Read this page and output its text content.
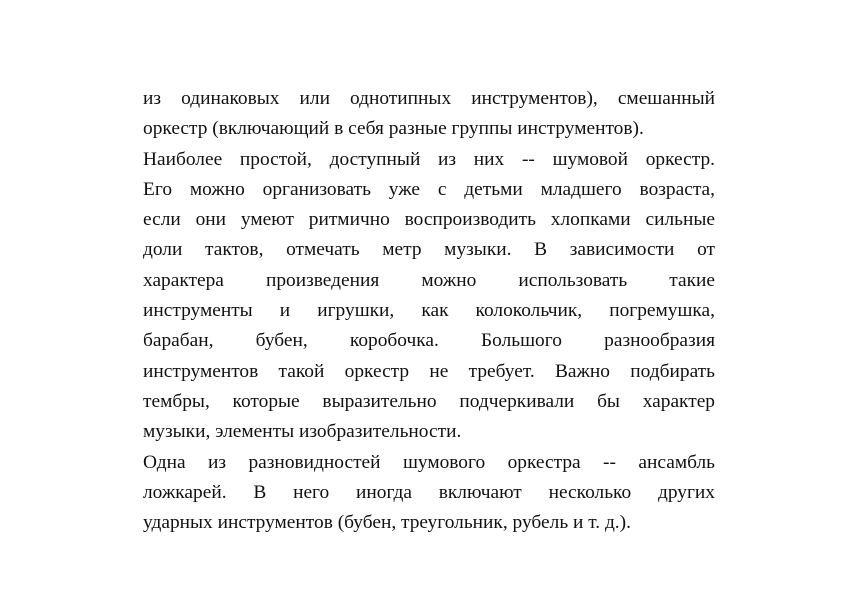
из одинаковых или однотипных инструментов), смешанный
оркестр (включающий в себя разные группы инструментов).

Наиболее простой, доступный из них -- шумовой оркестр.
Его можно организовать уже с детьми младшего возраста,
если они умеют ритмично воспроизводить хлопками сильные
доли тактов, отмечать метр музыки. В зависимости от
характера произведения можно использовать такие
инструменты и игрушки, как колокольчик, погремушка,
барабан, бубен, коробочка. Большого разнообразия
инструментов такой оркестр не требует. Важно подбирать
тембры, которые выразительно подчеркивали бы характер
музыки, элементы изобразительности.

Одна из разновидностей шумового оркестра -- ансамбль
ложкарей. В него иногда включают несколько других
ударных инструментов (бубен, треугольник, рубель и т. д.).
